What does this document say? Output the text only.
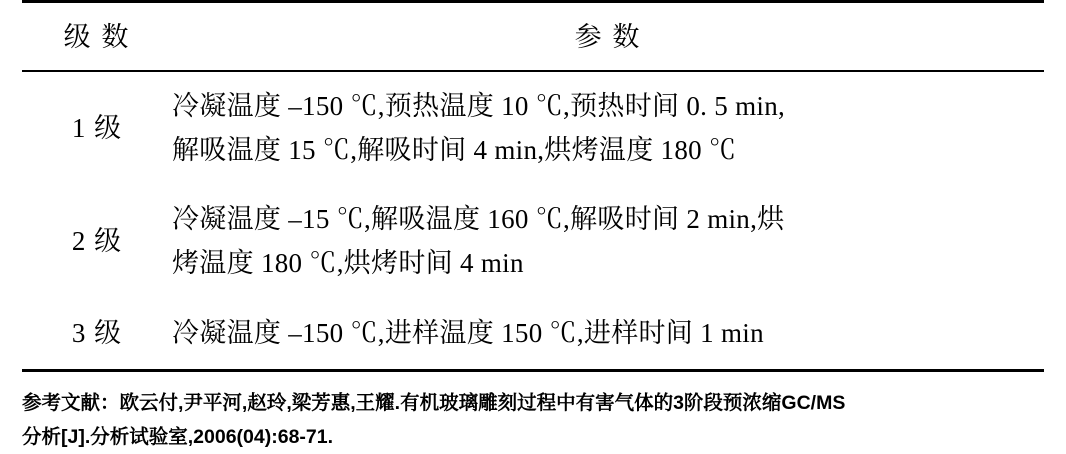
级 数	参 数
1 级	冷凝温度 –150 ℃,预热温度 10 ℃,预热时间 0. 5 min,
解吸温度 15 ℃,解吸时间 4 min,烘烤温度 180 ℃

2 级	冷凝温度 –15 ℃,解吸温度 160 ℃,解吸时间 2 min,烘
烤温度 180 ℃,烘烤时间 4 min

3 级	冷凝温度 –150 ℃,进样温度 150 ℃,进样时间 1 min

参考文献：欧云付,尹平河,赵玲,梁芳惠,王耀.有机玻璃雕刻过程中有害气体的3阶段预浓缩GC/MS
分析[J].分析试验室,2006(04):68-71.
